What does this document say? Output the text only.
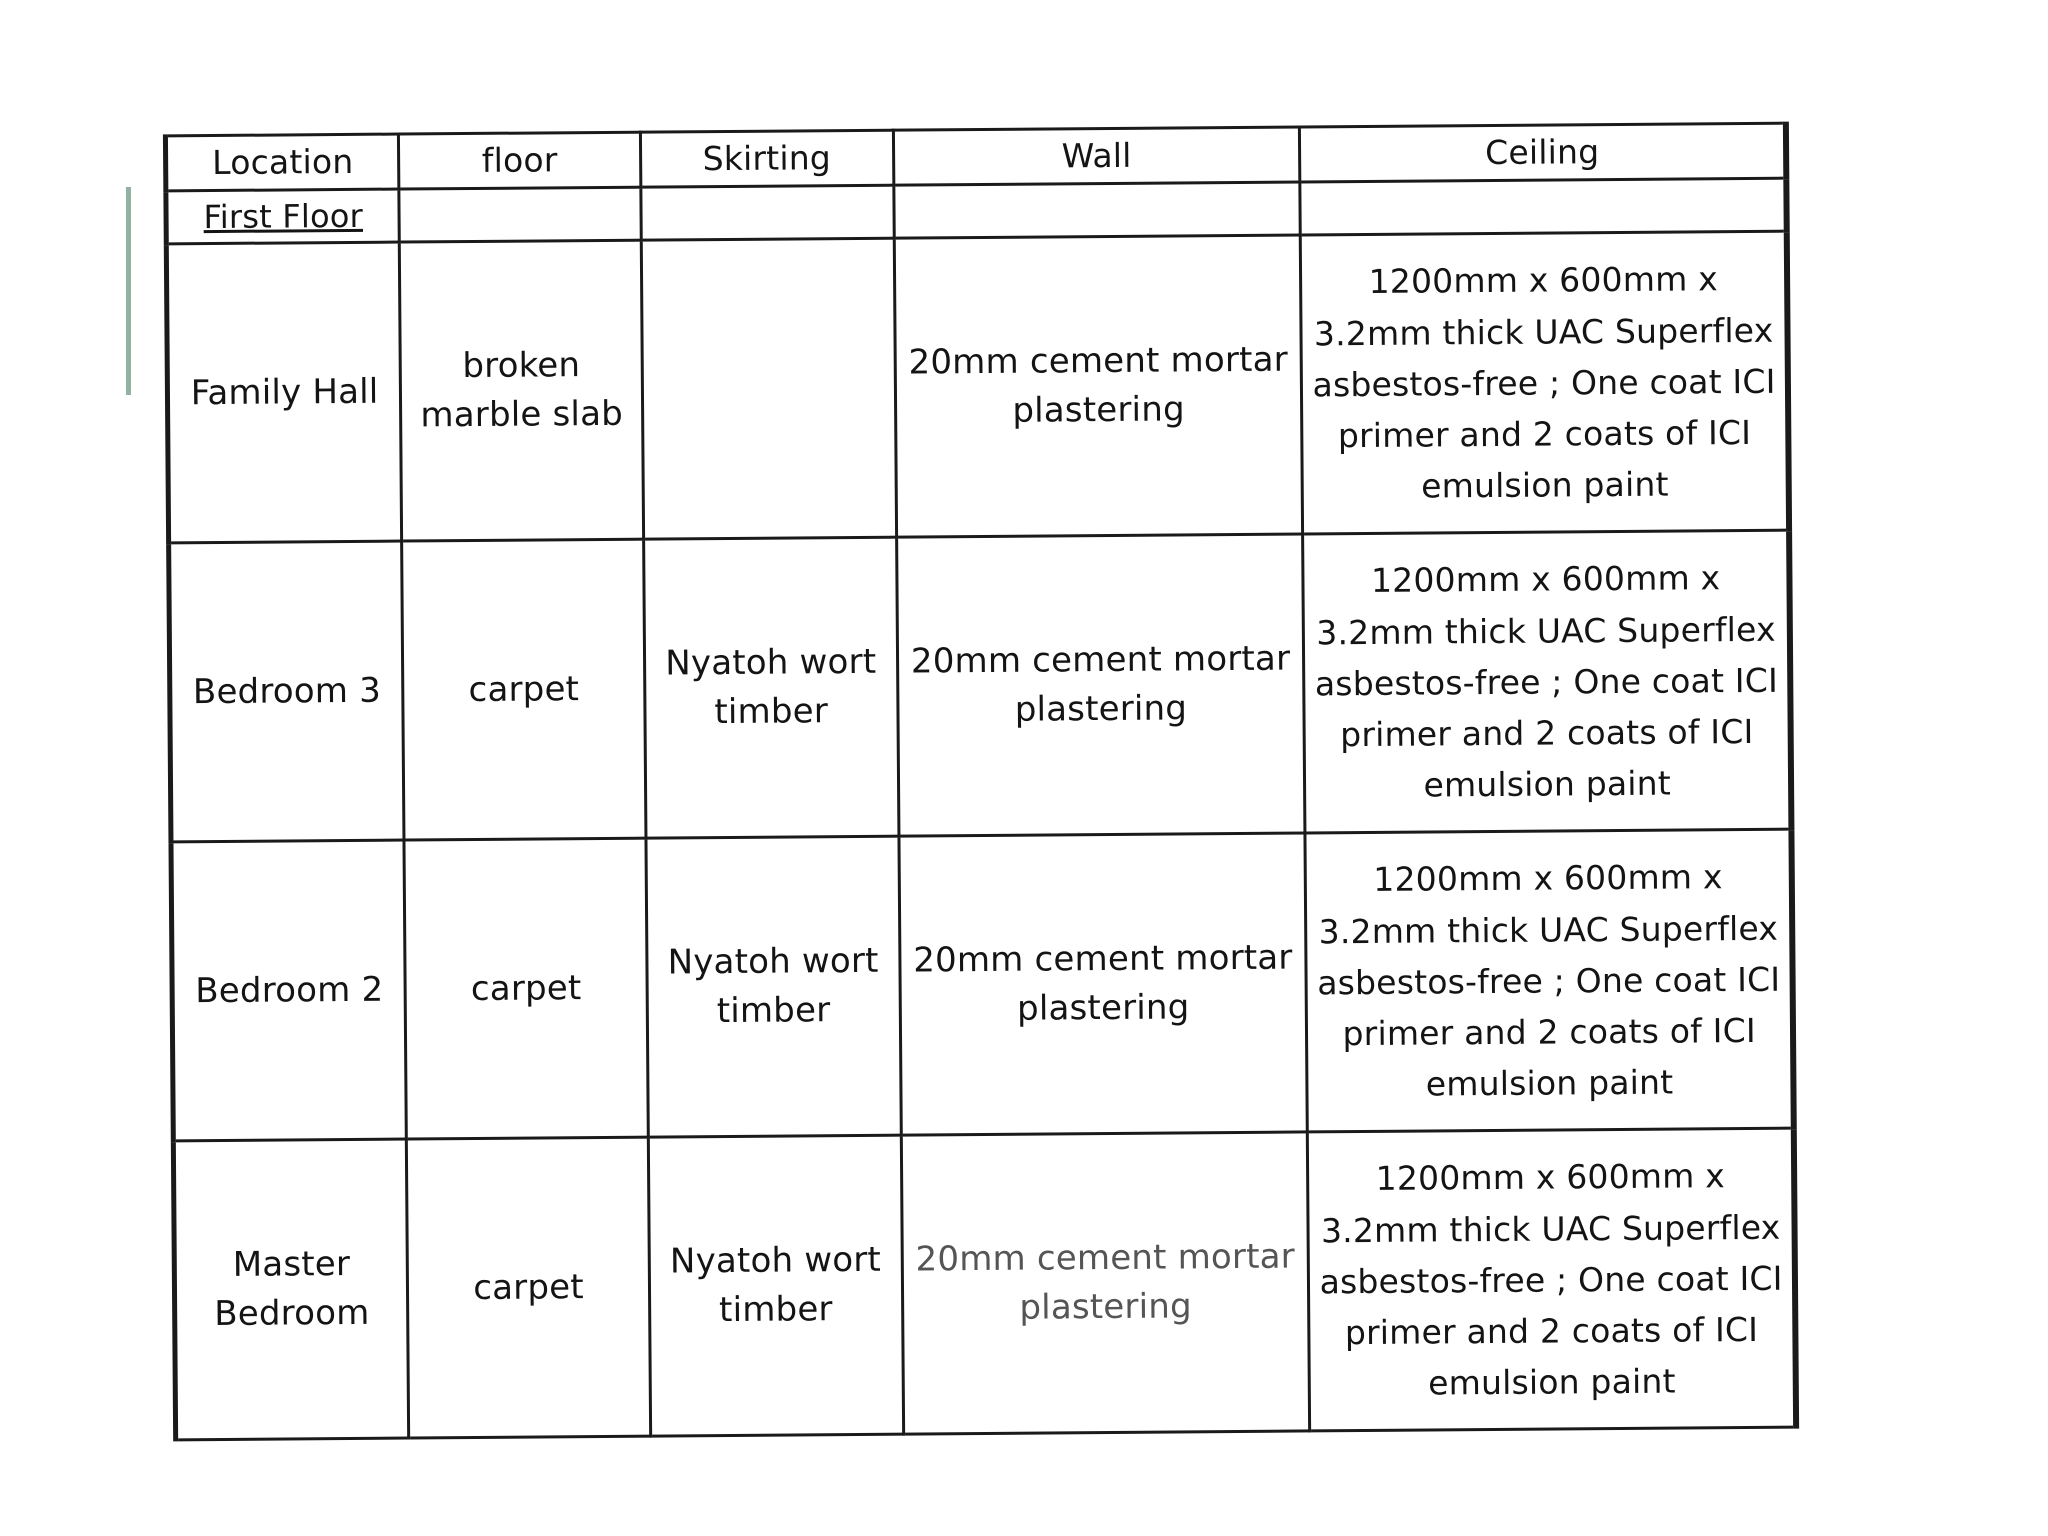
Location	floor	Skirting	Wall	Ceiling
First Floor				
Family Hall	broken marble slab		20mm cement mortar plastering	1200mm x 600mm x 3.2mm thick UAC Superflex asbestos-free ; One coat ICI primer and 2 coats of ICI emulsion paint
Bedroom 3	carpet	Nyatoh wort timber	20mm cement mortar plastering	1200mm x 600mm x 3.2mm thick UAC Superflex asbestos-free ; One coat ICI primer and 2 coats of ICI emulsion paint
Bedroom 2	carpet	Nyatoh wort timber	20mm cement mortar plastering	1200mm x 600mm x 3.2mm thick UAC Superflex asbestos-free ; One coat ICI primer and 2 coats of ICI emulsion paint
Master Bedroom	carpet	Nyatoh wort timber	20mm cement mortar plastering	1200mm x 600mm x 3.2mm thick UAC Superflex asbestos-free ; One coat ICI primer and 2 coats of ICI emulsion paint
